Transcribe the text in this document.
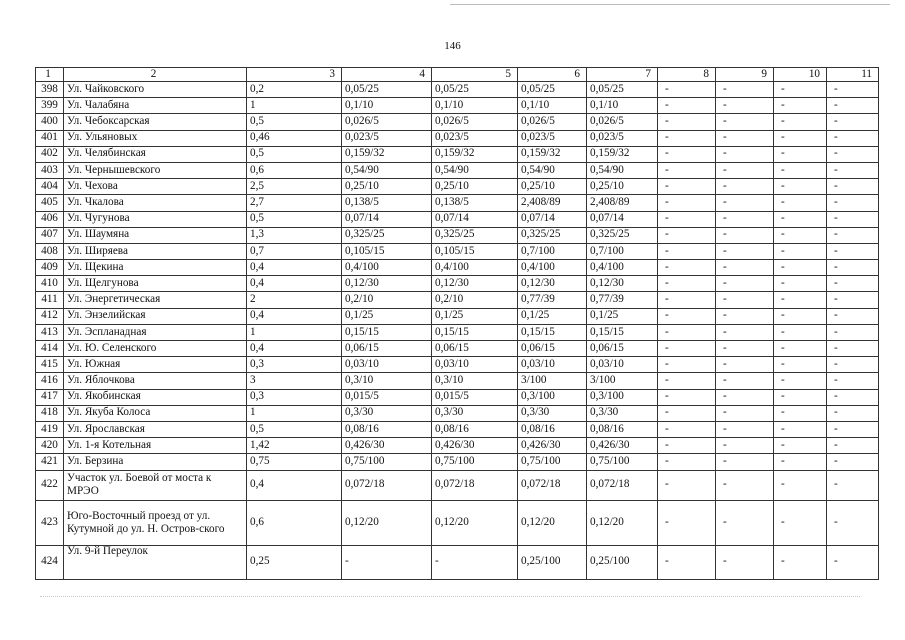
146
1	2	3	4	5	6	7	8	9	10	11
398	Ул. Чайковского	0,2	0,05/25	0,05/25	0,05/25	0,05/25	-	-	-	-
399	Ул. Чалабяна	1	0,1/10	0,1/10	0,1/10	0,1/10	-	-	-	-
400	Ул. Чебоксарская	0,5	0,026/5	0,026/5	0,026/5	0,026/5	-	-	-	-
401	Ул. Ульяновых	0,46	0,023/5	0,023/5	0,023/5	0,023/5	-	-	-	-
402	Ул. Челябинская	0,5	0,159/32	0,159/32	0,159/32	0,159/32	-	-	-	-
403	Ул. Чернышевского	0,6	0,54/90	0,54/90	0,54/90	0,54/90	-	-	-	-
404	Ул. Чехова	2,5	0,25/10	0,25/10	0,25/10	0,25/10	-	-	-	-
405	Ул. Чкалова	2,7	0,138/5	0,138/5	2,408/89	2,408/89	-	-	-	-
406	Ул. Чугунова	0,5	0,07/14	0,07/14	0,07/14	0,07/14	-	-	-	-
407	Ул. Шаумяна	1,3	0,325/25	0,325/25	0,325/25	0,325/25	-	-	-	-
408	Ул. Ширяева	0,7	0,105/15	0,105/15	0,7/100	0,7/100	-	-	-	-
409	Ул. Щекина	0,4	0,4/100	0,4/100	0,4/100	0,4/100	-	-	-	-
410	Ул. Щелгунова	0,4	0,12/30	0,12/30	0,12/30	0,12/30	-	-	-	-
411	Ул. Энергетическая	2	0,2/10	0,2/10	0,77/39	0,77/39	-	-	-	-
412	Ул. Энзелийская	0,4	0,1/25	0,1/25	0,1/25	0,1/25	-	-	-	-
413	Ул. Эспланадная	1	0,15/15	0,15/15	0,15/15	0,15/15	-	-	-	-
414	Ул. Ю. Селенского	0,4	0,06/15	0,06/15	0,06/15	0,06/15	-	-	-	-
415	Ул. Южная	0,3	0,03/10	0,03/10	0,03/10	0,03/10	-	-	-	-
416	Ул. Яблочкова	3	0,3/10	0,3/10	3/100	3/100	-	-	-	-
417	Ул. Якобинская	0,3	0,015/5	0,015/5	0,3/100	0,3/100	-	-	-	-
418	Ул. Якуба Колоса	1	0,3/30	0,3/30	0,3/30	0,3/30	-	-	-	-
419	Ул. Ярославская	0,5	0,08/16	0,08/16	0,08/16	0,08/16	-	-	-	-
420	Ул. 1-я Котельная	1,42	0,426/30	0,426/30	0,426/30	0,426/30	-	-	-	-
421	Ул. Берзина	0,75	0,75/100	0,75/100	0,75/100	0,75/100	-	-	-	-
422	Участок ул. Боевой от моста к МРЭО	0,4	0,072/18	0,072/18	0,072/18	0,072/18	-	-	-	-
423	Юго-Восточный проезд от ул. Кутумной до ул. Н. Остров-ского	0,6	0,12/20	0,12/20	0,12/20	0,12/20	-	-	-	-
424	Ул. 9-й Переулок	0,25	-	-	0,25/100	0,25/100	-	-	-	-
